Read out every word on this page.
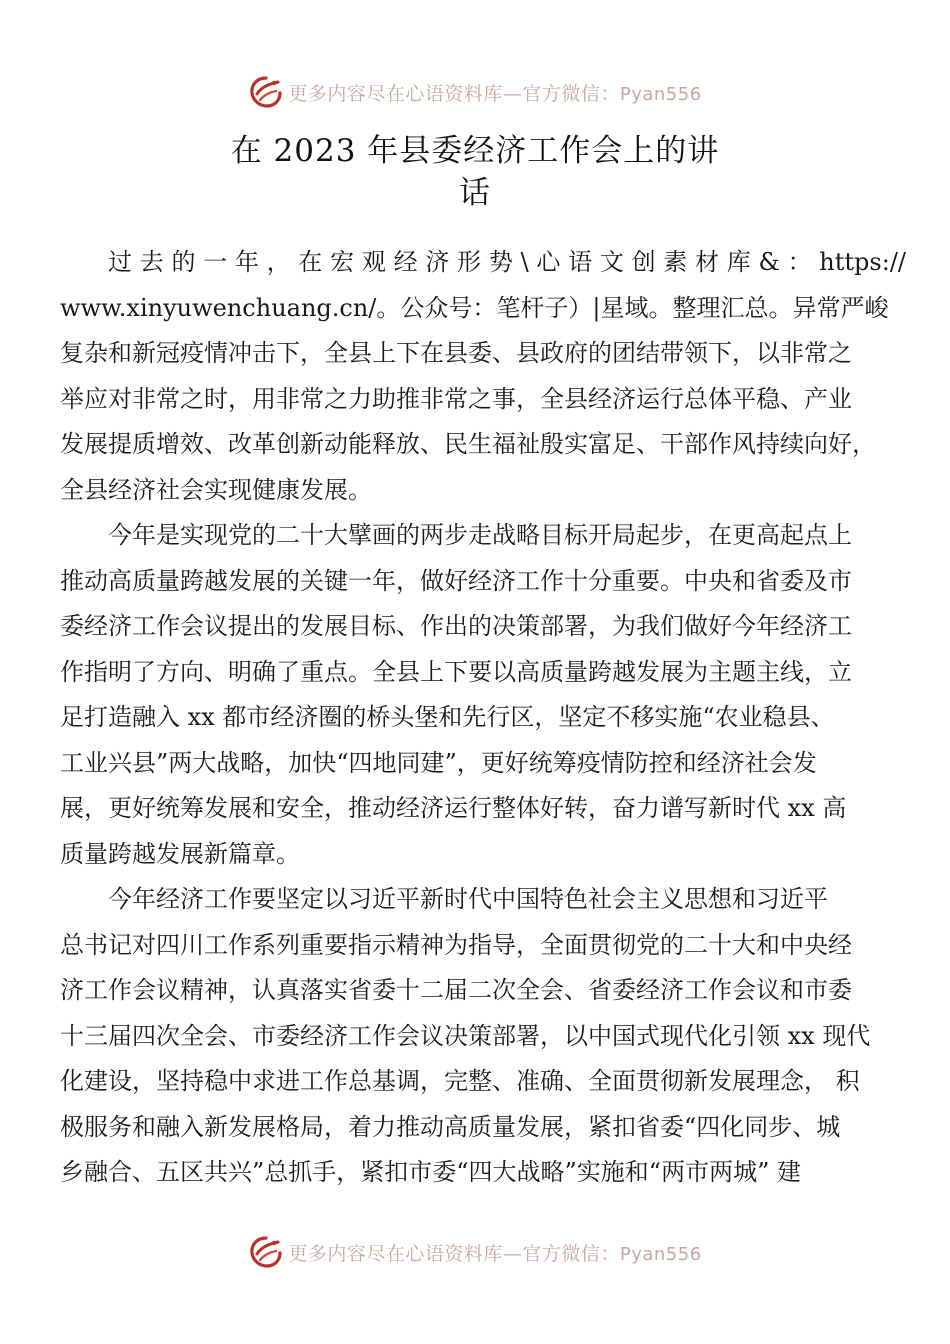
更多内容尽在心语资料库—官方微信：Pyan556
在 2023 年县委经济工作会上的讲
话
过 去 的 一 年 ， 在 宏 观 经 济 形 势 \ 心 语 文 创 素 材 库 & ： https://
www.xinyuwenchuang.cn/。公众号：笔杆子）|星域。整理汇总。异常严峻
复杂和新冠疫情冲击下，全县上下在县委、县政府的团结带领下，以非常之
举应对非常之时，用非常之力助推非常之事，全县经济运行总体平稳、产业
发展提质增效、改革创新动能释放、民生福祉殷实富足、干部作风持续向好，
全县经济社会实现健康发展。
今年是实现党的二十大擘画的两步走战略目标开局起步，在更高起点上
推动高质量跨越发展的关键一年，做好经济工作十分重要。中央和省委及市
委经济工作会议提出的发展目标、作出的决策部署，为我们做好今年经济工
作指明了方向、明确了重点。全县上下要以高质量跨越发展为主题主线，立
足打造融入 xx 都市经济圈的桥头堡和先行区，坚定不移实施“农业稳县、
工业兴县”两大战略，加快“四地同建”，更好统筹疫情防控和经济社会发
展，更好统筹发展和安全，推动经济运行整体好转，奋力谱写新时代 xx 高
质量跨越发展新篇章。
今年经济工作要坚定以习近平新时代中国特色社会主义思想和习近平
总书记对四川工作系列重要指示精神为指导，全面贯彻党的二十大和中央经
济工作会议精神，认真落实省委十二届二次全会、省委经济工作会议和市委
十三届四次全会、市委经济工作会议决策部署，以中国式现代化引领 xx 现代
化建设，坚持稳中求进工作总基调，完整、准确、全面贯彻新发展理念， 积
极服务和融入新发展格局，着力推动高质量发展，紧扣省委“四化同步、城
乡融合、五区共兴”总抓手，紧扣市委“四大战略”实施和“两市两城” 建
更多内容尽在心语资料库—官方微信：Pyan556
